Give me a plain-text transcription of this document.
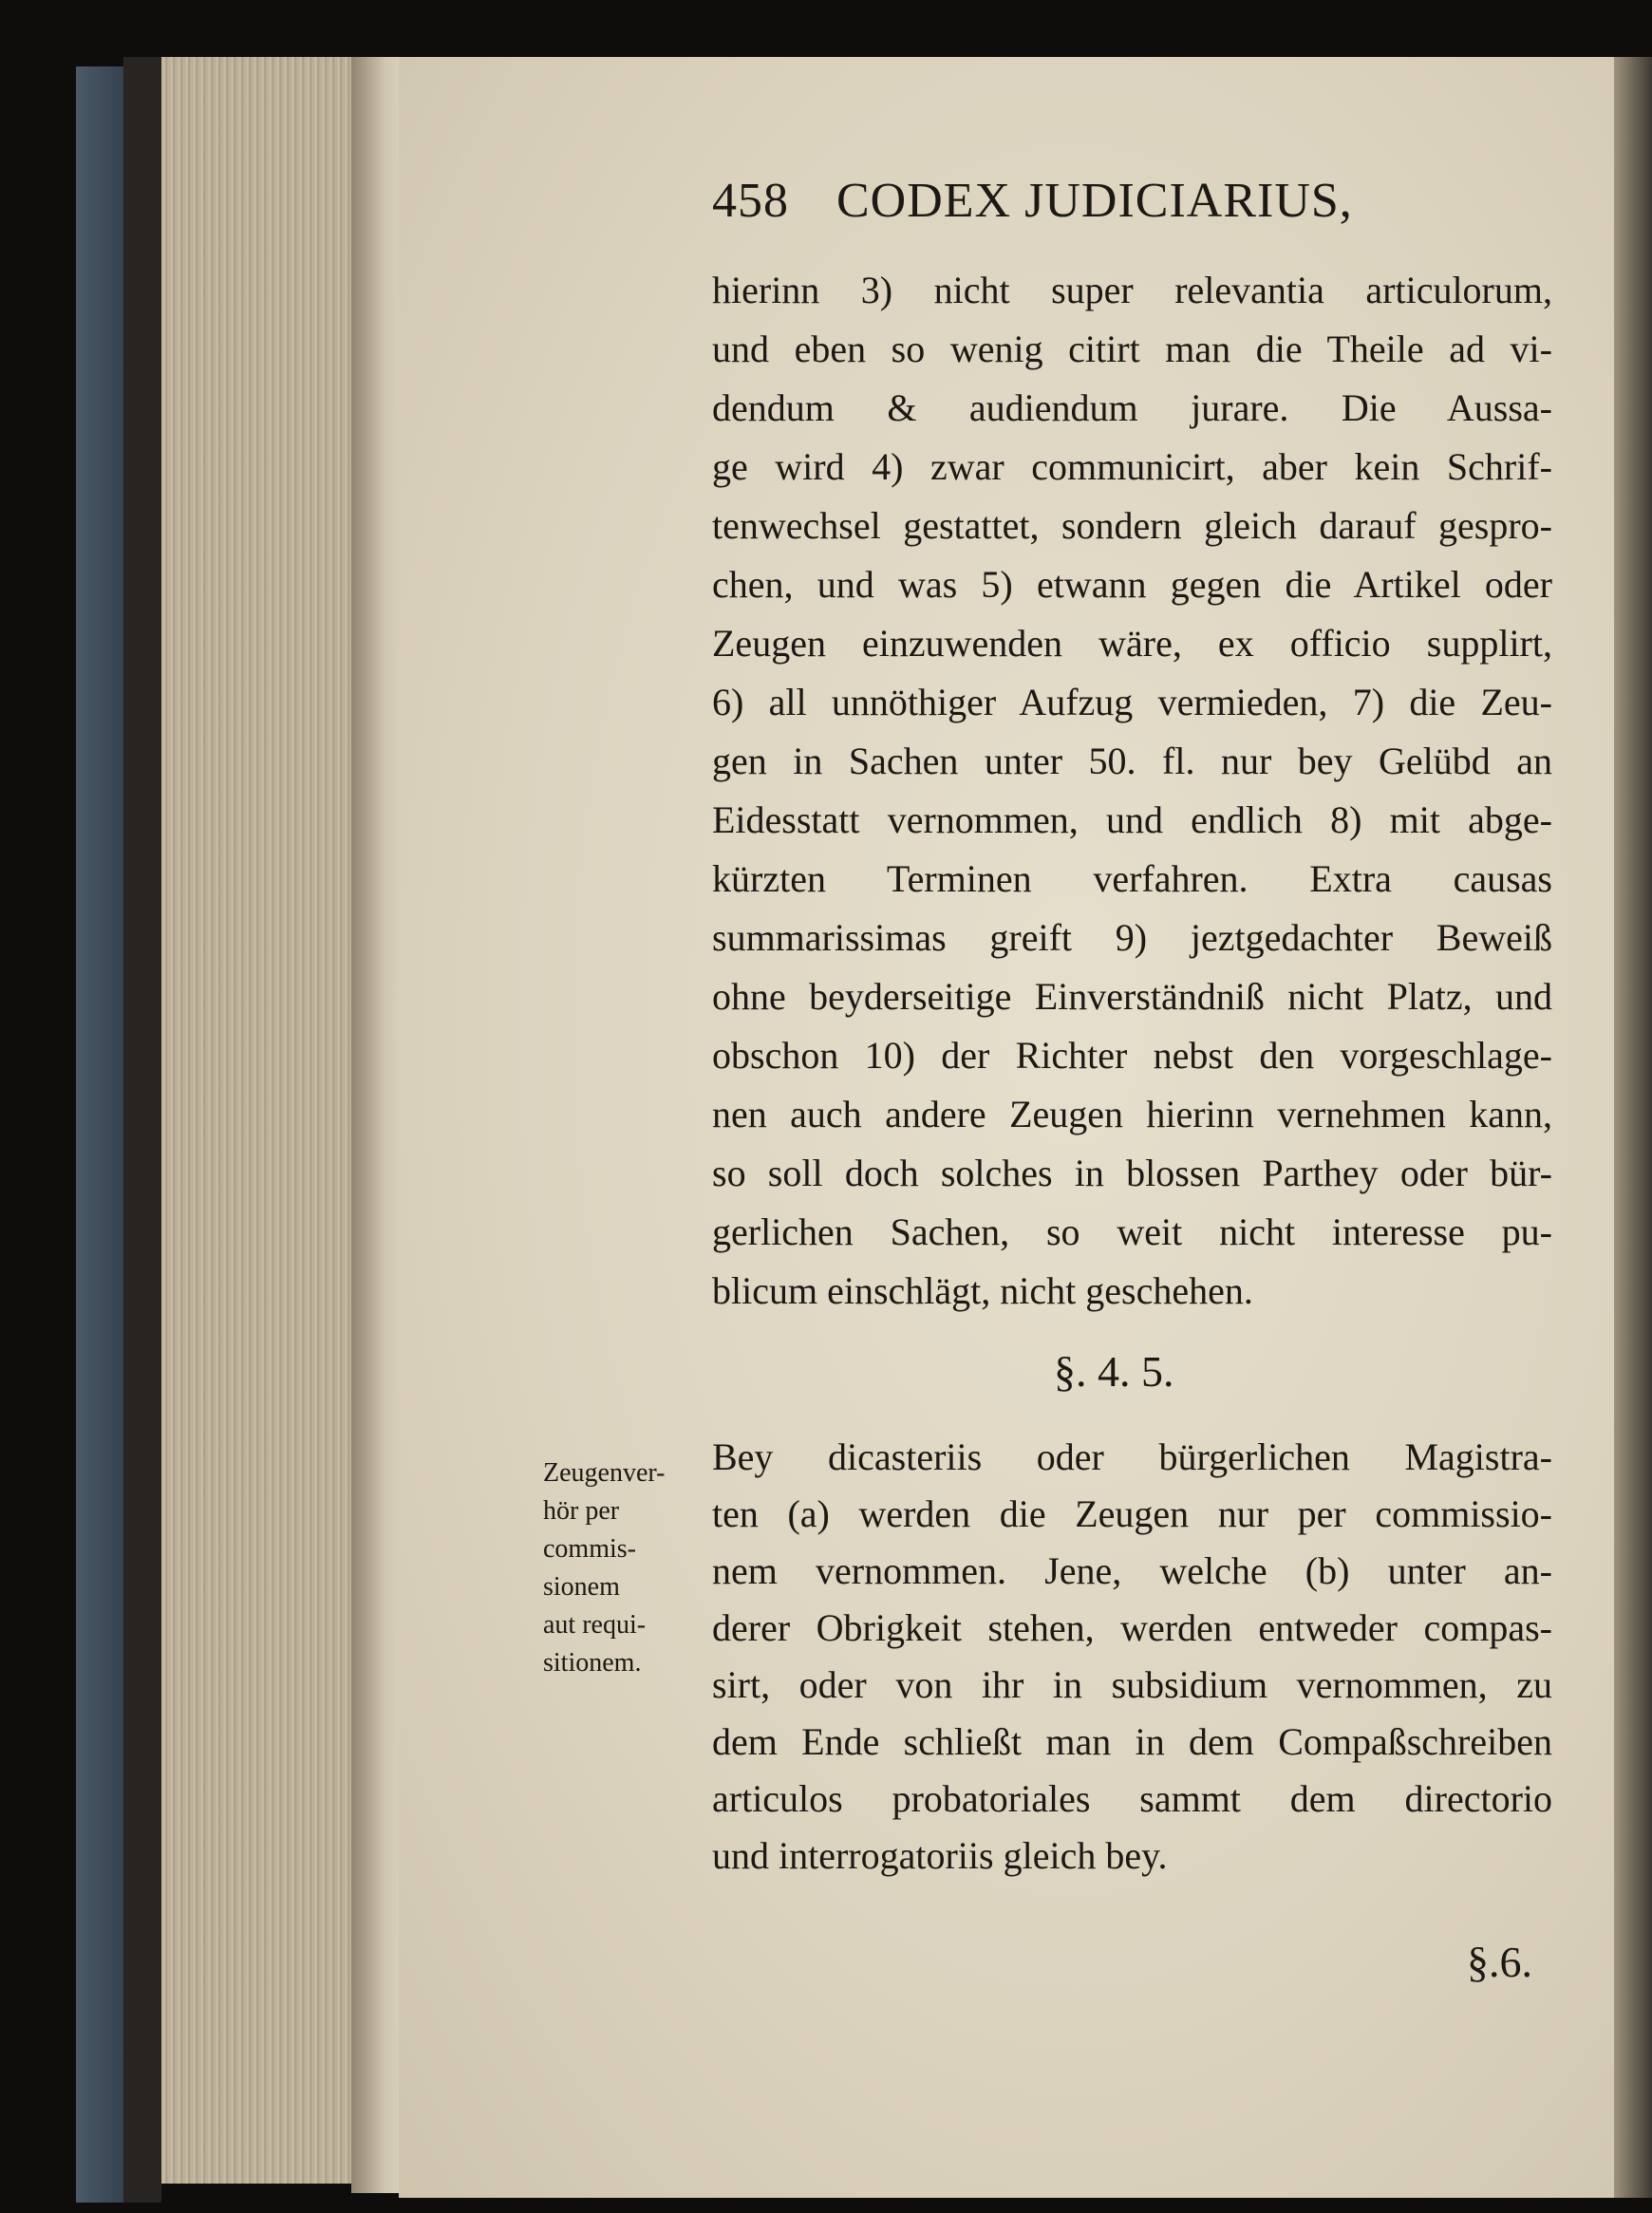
458 CODEX JUDICIARIUS,
hierinn 3) nicht super relevantia articulorum,
und eben so wenig citirt man die Theile ad vi-
dendum & audiendum jurare. Die Aussa-
ge wird 4) zwar communicirt, aber kein Schrif-
tenwechsel gestattet, sondern gleich darauf gespro-
chen, und was 5) etwann gegen die Artikel oder
Zeugen einzuwenden wäre, ex officio supplirt,
6) all unnöthiger Aufzug vermieden, 7) die Zeu-
gen in Sachen unter 50. fl. nur bey Gelübd an
Eidesstatt vernommen, und endlich 8) mit abge-
kürzten Terminen verfahren. Extra causas
summarissimas greift 9) jeztgedachter Beweiß
ohne beyderseitige Einverständniß nicht Platz, und
obschon 10) der Richter nebst den vorgeschlage-
nen auch andere Zeugen hierinn vernehmen kann,
so soll doch solches in blossen Parthey oder bür-
gerlichen Sachen, so weit nicht interesse pu-
blicum einschlägt, nicht geschehen.
§. 4. 5.
Zeugenver-
hör per
commis-
sionem
aut requi-
sitionem.
Bey dicasteriis oder bürgerlichen Magistra-
ten (a) werden die Zeugen nur per commissio-
nem vernommen. Jene, welche (b) unter an-
derer Obrigkeit stehen, werden entweder compas-
sirt, oder von ihr in subsidium vernommen, zu
dem Ende schließt man in dem Compaßschreiben
articulos probatoriales sammt dem directorio
und interrogatoriis gleich bey.
§.6.
